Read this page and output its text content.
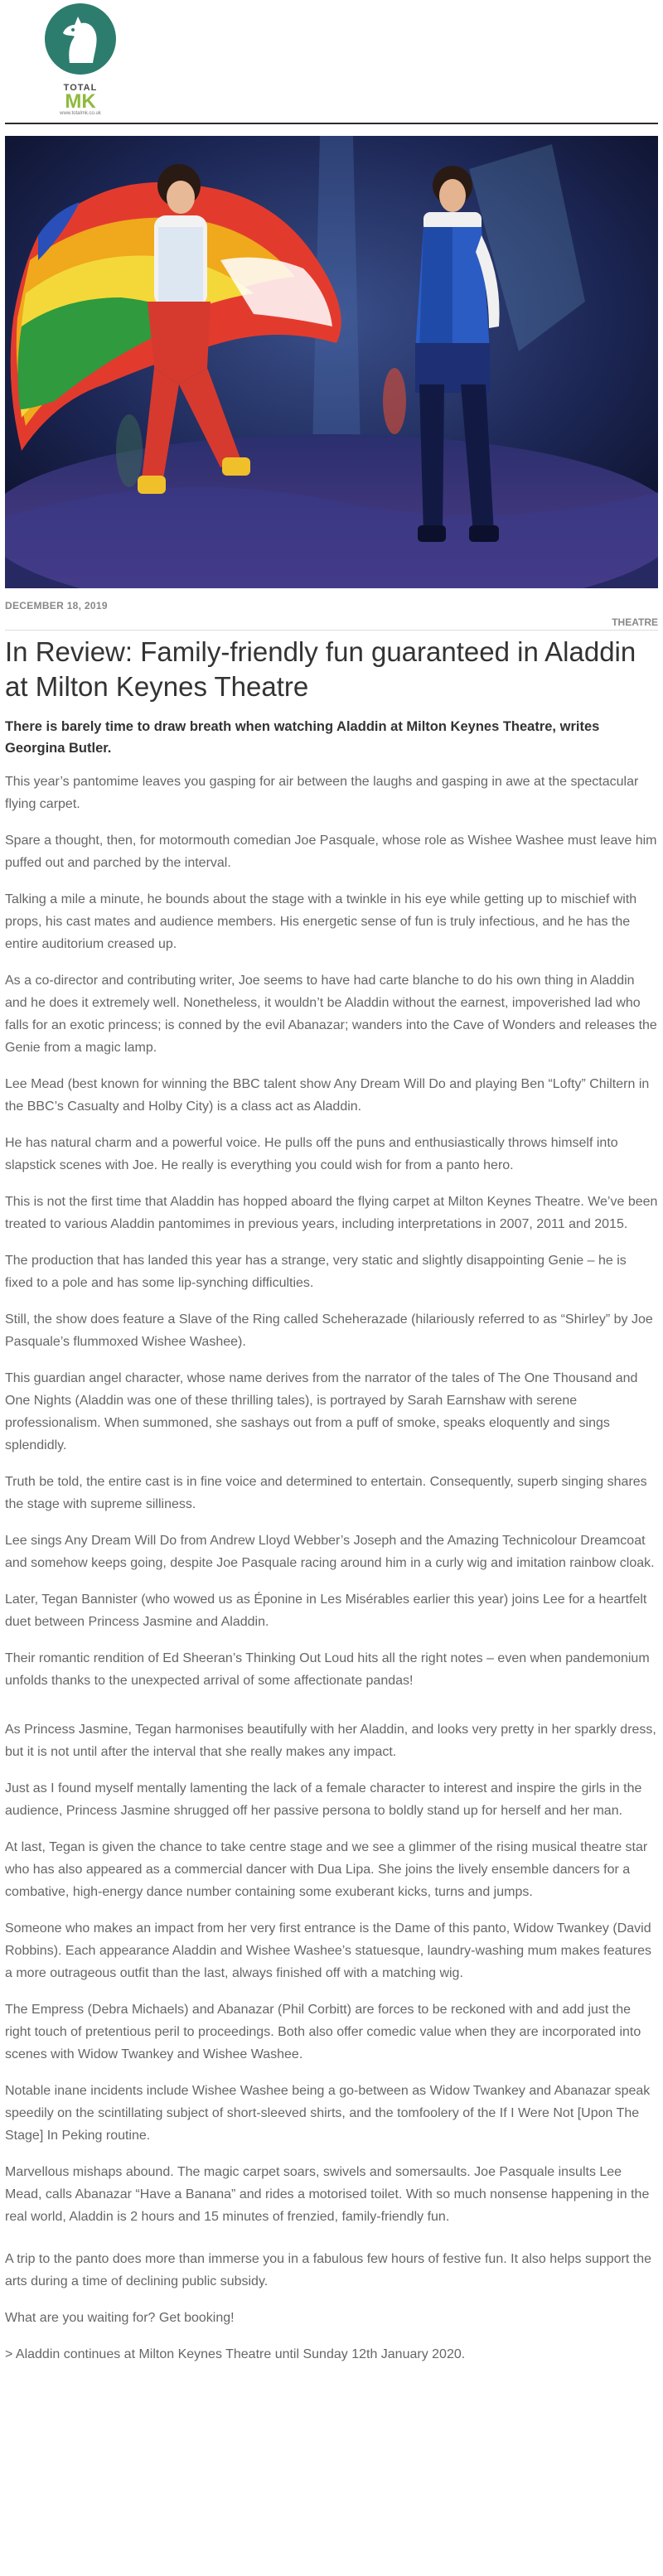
TOTAL
MK
www.totalmk.co.uk
DECEMBER 18, 2019
THEATRE
In Review: Family-friendly fun guaranteed in Aladdin at Milton Keynes Theatre

There is barely time to draw breath when watching Aladdin at Milton Keynes Theatre, writes Georgina Butler.

This year’s pantomime leaves you gasping for air between the laughs and gasping in awe at the spectacular flying carpet.

Spare a thought, then, for motormouth comedian Joe Pasquale, whose role as Wishee Washee must leave him puffed out and parched by the interval.

Talking a mile a minute, he bounds about the stage with a twinkle in his eye while getting up to mischief with props, his cast mates and audience members. His energetic sense of fun is truly infectious, and he has the entire auditorium creased up.

As a co-director and contributing writer, Joe seems to have had carte blanche to do his own thing in Aladdin and he does it extremely well. Nonetheless, it wouldn’t be Aladdin without the earnest, impoverished lad who falls for an exotic princess; is conned by the evil Abanazar; wanders into the Cave of Wonders and releases the Genie from a magic lamp.

Lee Mead (best known for winning the BBC talent show Any Dream Will Do and playing Ben “Lofty” Chiltern in the BBC’s Casualty and Holby City) is a class act as Aladdin.

He has natural charm and a powerful voice. He pulls off the puns and enthusiastically throws himself into slapstick scenes with Joe. He really is everything you could wish for from a panto hero.

This is not the first time that Aladdin has hopped aboard the flying carpet at Milton Keynes Theatre. We’ve been treated to various Aladdin pantomimes in previous years, including interpretations in 2007, 2011 and 2015.

The production that has landed this year has a strange, very static and slightly disappointing Genie – he is fixed to a pole and has some lip-synching difficulties.

Still, the show does feature a Slave of the Ring called Scheherazade (hilariously referred to as “Shirley” by Joe Pasquale’s flummoxed Wishee Washee).

This guardian angel character, whose name derives from the narrator of the tales of The One Thousand and One Nights (Aladdin was one of these thrilling tales), is portrayed by Sarah Earnshaw with serene professionalism. When summoned, she sashays out from a puff of smoke, speaks eloquently and sings splendidly.

Truth be told, the entire cast is in fine voice and determined to entertain. Consequently, superb singing shares the stage with supreme silliness.

Lee sings Any Dream Will Do from Andrew Lloyd Webber’s Joseph and the Amazing Technicolour Dreamcoat and somehow keeps going, despite Joe Pasquale racing around him in a curly wig and imitation rainbow cloak.

Later, Tegan Bannister (who wowed us as Éponine in Les Misérables earlier this year) joins Lee for a heartfelt duet between Princess Jasmine and Aladdin.

Their romantic rendition of Ed Sheeran’s Thinking Out Loud hits all the right notes – even when pandemonium unfolds thanks to the unexpected arrival of some affectionate pandas!

As Princess Jasmine, Tegan harmonises beautifully with her Aladdin, and looks very pretty in her sparkly dress, but it is not until after the interval that she really makes any impact.

Just as I found myself mentally lamenting the lack of a female character to interest and inspire the girls in the audience, Princess Jasmine shrugged off her passive persona to boldly stand up for herself and her man.

At last, Tegan is given the chance to take centre stage and we see a glimmer of the rising musical theatre star who has also appeared as a commercial dancer with Dua Lipa. She joins the lively ensemble dancers for a combative, high-energy dance number containing some exuberant kicks, turns and jumps.

Someone who makes an impact from her very first entrance is the Dame of this panto, Widow Twankey (David Robbins). Each appearance Aladdin and Wishee Washee’s statuesque, laundry-washing mum makes features a more outrageous outfit than the last, always finished off with a matching wig.

The Empress (Debra Michaels) and Abanazar (Phil Corbitt) are forces to be reckoned with and add just the right touch of pretentious peril to proceedings. Both also offer comedic value when they are incorporated into scenes with Widow Twankey and Wishee Washee.

Notable inane incidents include Wishee Washee being a go-between as Widow Twankey and Abanazar speak speedily on the scintillating subject of short-sleeved shirts, and the tomfoolery of the If I Were Not [Upon The Stage] In Peking routine.

Marvellous mishaps abound. The magic carpet soars, swivels and somersaults. Joe Pasquale insults Lee Mead, calls Abanazar “Have a Banana” and rides a motorised toilet. With so much nonsense happening in the real world, Aladdin is 2 hours and 15 minutes of frenzied, family-friendly fun.

A trip to the panto does more than immerse you in a fabulous few hours of festive fun. It also helps support the arts during a time of declining public subsidy.

What are you waiting for? Get booking!

> Aladdin continues at Milton Keynes Theatre until Sunday 12th January 2020.
